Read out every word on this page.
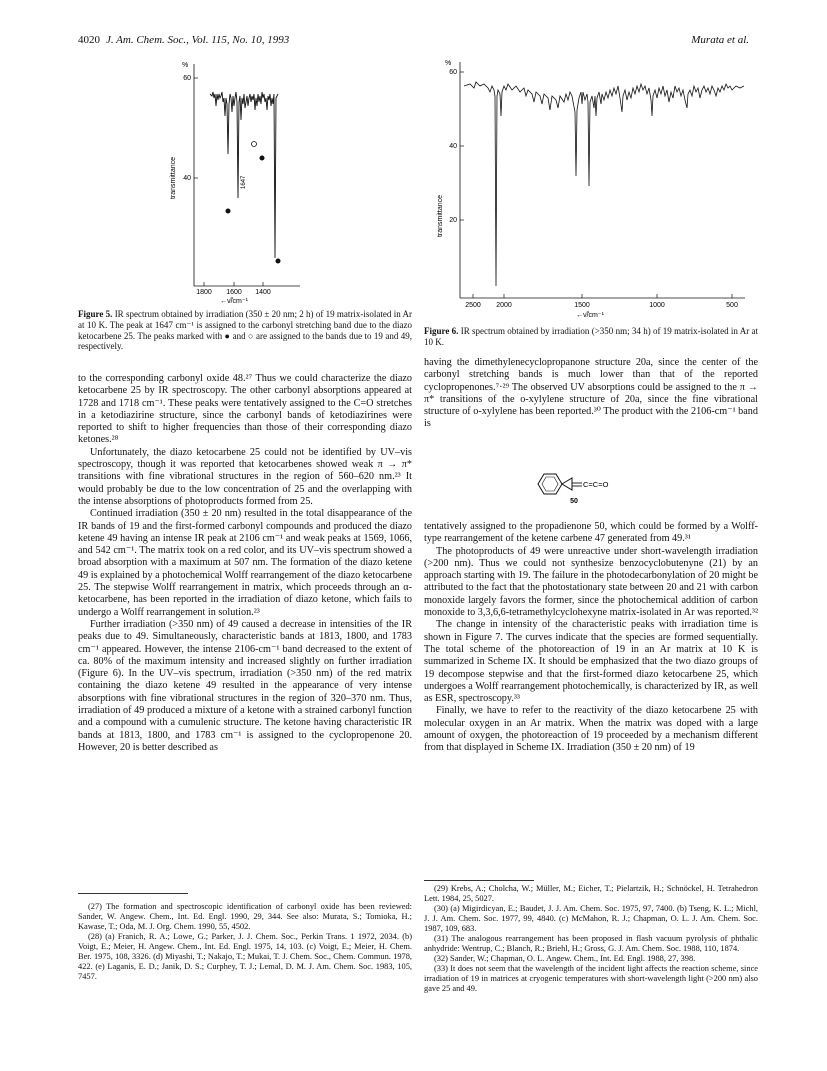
4020 J. Am. Chem. Soc., Vol. 115, No. 10, 1993	Murata et al.
%
60
40
transmittance
1800 1600 1400
←ν̃/cm⁻¹
1647
Figure 5. IR spectrum obtained by irradiation (350 ± 20 nm; 2 h) of 19 matrix-isolated in Ar at 10 K. The peak at 1647 cm⁻¹ is assigned to the carbonyl stretching band due to the diazo ketocarbene 25. The peaks marked with ● and ○ are assigned to the bands due to 19 and 49, respectively.
%
60
40
20
transmittance
2500 2000	1500	1000	500
←ν̃/cm⁻¹
Figure 6. IR spectrum obtained by irradiation (>350 nm; 34 h) of 19 matrix-isolated in Ar at 10 K.

to the corresponding carbonyl oxide 48.²⁷ Thus we could characterize the diazo ketocarbene 25 by IR spectroscopy. The other carbonyl absorptions appeared at 1728 and 1718 cm⁻¹. These peaks were tentatively assigned to the C=O stretches in a ketodiazirine structure, since the carbonyl bands of ketodiazirines were reported to shift to higher frequencies than those of their corresponding diazo ketones.²⁸

Unfortunately, the diazo ketocarbene 25 could not be identified by UV–vis spectroscopy, though it was reported that ketocarbenes showed weak π → π* transitions with fine vibrational structures in the region of 560–620 nm.²³ It would probably be due to the low concentration of 25 and the overlapping with the intense absorptions of photoproducts formed from 25.

Continued irradiation (350 ± 20 nm) resulted in the total disappearance of the IR bands of 19 and the first-formed carbonyl compounds and produced the diazo ketene 49 having an intense IR peak at 2106 cm⁻¹ and weak peaks at 1569, 1066, and 542 cm⁻¹. The matrix took on a red color, and its UV–vis spectrum showed a broad absorption with a maximum at 507 nm. The formation of the diazo ketene 49 is explained by a photochemical Wolff rearrangement of the diazo ketocarbene 25. The stepwise Wolff rearrangement in matrix, which proceeds through an α-ketocarbene, has been reported in the irradiation of diazo ketone, which fails to undergo a Wolff rearrangement in solution.²³

Further irradiation (>350 nm) of 49 caused a decrease in intensities of the IR peaks due to 49. Simultaneously, characteristic bands at 1813, 1800, and 1783 cm⁻¹ appeared. However, the intense 2106-cm⁻¹ band decreased to the extent of ca. 80% of the maximum intensity and increased slightly on further irradiation (Figure 6). In the UV–vis spectrum, irradiation (>350 nm) of the red matrix containing the diazo ketene 49 resulted in the appearance of very intense absorptions with fine vibrational structures in the region of 320–370 nm. Thus, irradiation of 49 produced a mixture of a ketone with a strained carbonyl function and a compound with a cumulenic structure. The ketone having characteristic IR bands at 1813, 1800, and 1783 cm⁻¹ is assigned to the cyclopropenone 20. However, 20 is better described as

(27) The formation and spectroscopic identification of carbonyl oxide has been reviewed: Sander, W. Angew. Chem., Int. Ed. Engl. 1990, 29, 344. See also: Murata, S.; Tomioka, H.; Kawase, T.; Oda, M. J. Org. Chem. 1990, 55, 4502.

(28) (a) Franich, R. A.; Lowe, G.; Parker, J. J. Chem. Soc., Perkin Trans. 1 1972, 2034. (b) Voigt, E.; Meier, H. Angew. Chem., Int. Ed. Engl. 1975, 14, 103. (c) Voigt, E.; Meier, H. Chem. Ber. 1975, 108, 3326. (d) Miyashi, T.; Nakajo, T.; Mukai, T. J. Chem. Soc., Chem. Commun. 1978, 422. (e) Laganis, E. D.; Janik, D. S.; Curphey, T. J.; Lemal, D. M. J. Am. Chem. Soc. 1983, 105, 7457.

having the dimethylenecyclopropanone structure 20a, since the center of the carbonyl stretching bands is much lower than that of the reported cyclopropenones.⁷·²⁹ The observed UV absorptions could be assigned to the π → π* transitions of the o-xylylene structure of 20a, since the fine vibrational structure of o-xylylene has been reported.³⁰ The product with the 2106-cm⁻¹ band is

C=C=O
50

tentatively assigned to the propadienone 50, which could be formed by a Wolff-type rearrangement of the ketene carbene 47 generated from 49.³¹

The photoproducts of 49 were unreactive under short-wavelength irradiation (>200 nm). Thus we could not synthesize benzocyclobutenyne (21) by an approach starting with 19. The failure in the photodecarbonylation of 20 might be attributed to the fact that the photostationary state between 20 and 21 with carbon monoxide largely favors the former, since the photochemical addition of carbon monoxide to 3,3,6,6-tetramethylcyclohexyne matrix-isolated in Ar was reported.³²

The change in intensity of the characteristic peaks with irradiation time is shown in Figure 7. The curves indicate that the species are formed sequentially. The total scheme of the photoreaction of 19 in an Ar matrix at 10 K is summarized in Scheme IX. It should be emphasized that the two diazo groups of 19 decompose stepwise and that the first-formed diazo ketocarbene 25, which undergoes a Wolff rearrangement photochemically, is characterized by IR, as well as ESR, spectroscopy.³³

Finally, we have to refer to the reactivity of the diazo ketocarbene 25 with molecular oxygen in an Ar matrix. When the matrix was doped with a large amount of oxygen, the photoreaction of 19 proceeded by a mechanism different from that displayed in Scheme IX. Irradiation (350 ± 20 nm) of 19

(29) Krebs, A.; Cholcha, W.; Müller, M.; Eicher, T.; Pielartzik, H.; Schnöckel, H. Tetrahedron Lett. 1984, 25, 5027.

(30) (a) Migirdicyan, E.; Baudet, J. J. Am. Chem. Soc. 1975, 97, 7400. (b) Tseng, K. L.; Michl, J. J. Am. Chem. Soc. 1977, 99, 4840. (c) McMahon, R. J.; Chapman, O. L. J. Am. Chem. Soc. 1987, 109, 683.

(31) The analogous rearrangement has been proposed in flash vacuum pyrolysis of phthalic anhydride: Wentrup, C.; Blanch, R.; Briehl, H.; Gross, G. J. Am. Chem. Soc. 1988, 110, 1874.

(32) Sander, W.; Chapman, O. L. Angew. Chem., Int. Ed. Engl. 1988, 27, 398.

(33) It does not seem that the wavelength of the incident light affects the reaction scheme, since irradiation of 19 in matrices at cryogenic temperatures with short-wavelength light (>200 nm) also gave 25 and 49.
